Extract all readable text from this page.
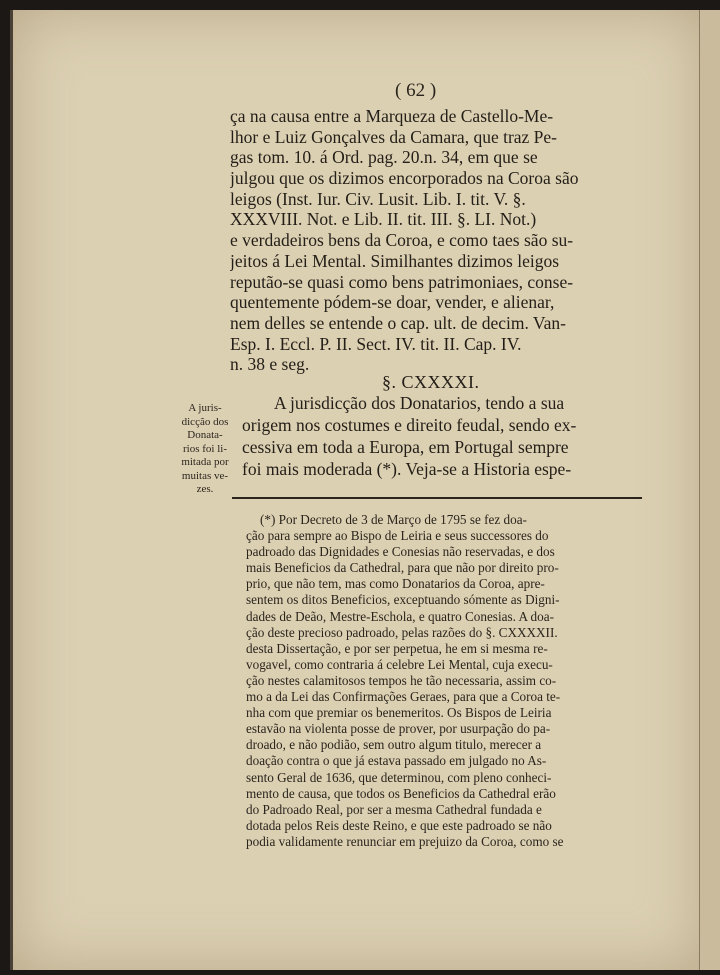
( 62 )
ça na causa entre a Marqueza de Castello-Me-
lhor e Luiz Gonçalves da Camara, que traz Pe-
gas tom. 10. á Ord. pag. 20.n. 34, em que se
julgou que os dizimos encorporados na Coroa são
leigos (Inst. Iur. Civ. Lusit. Lib. I. tit. V. §.
XXXVIII. Not. e Lib. II. tit. III. §. LI. Not.)
e verdadeiros bens da Coroa, e como taes são su-
jeitos á Lei Mental. Similhantes dizimos leigos
reputão-se quasi como bens patrimoniaes, conse-
quentemente pódem-se doar, vender, e alienar,
nem delles se entende o cap. ult. de decim. Van-
Esp. I. Eccl. P. II. Sect. IV. tit. II. Cap. IV.
n. 38 e seg.
§. CXXXXI.
A juris-
dicção dos
Donata-
rios foi li-
mitada por
muitas ve-
zes.
A jurisdicção dos Donatarios, tendo a sua
origem nos costumes e direito feudal, sendo ex-
cessiva em toda a Europa, em Portugal sempre
foi mais moderada (*). Veja-se a Historia espe-
(*) Por Decreto de 3 de Março de 1795 se fez doa-
ção para sempre ao Bispo de Leiria e seus successores do
padroado das Dignidades e Conesias não reservadas, e dos
mais Beneficios da Cathedral, para que não por direito pro-
prio, que não tem, mas como Donatarios da Coroa, apre-
sentem os ditos Beneficios, exceptuando sómente as Digni-
dades de Deão, Mestre-Eschola, e quatro Conesias. A doa-
ção deste precioso padroado, pelas razões do §. CXXXXII.
desta Dissertação, e por ser perpetua, he em si mesma re-
vogavel, como contraria á celebre Lei Mental, cuja execu-
ção nestes calamitosos tempos he tão necessaria, assim co-
mo a da Lei das Confirmações Geraes, para que a Coroa te-
nha com que premiar os benemeritos. Os Bispos de Leiria
estavão na violenta posse de prover, por usurpação do pa-
droado, e não podião, sem outro algum titulo, merecer a
doação contra o que já estava passado em julgado no As-
sento Geral de 1636, que determinou, com pleno conheci-
mento de causa, que todos os Beneficios da Cathedral erão
do Padroado Real, por ser a mesma Cathedral fundada e
dotada pelos Reis deste Reino, e que este padroado se não
podia validamente renunciar em prejuizo da Coroa, como se
